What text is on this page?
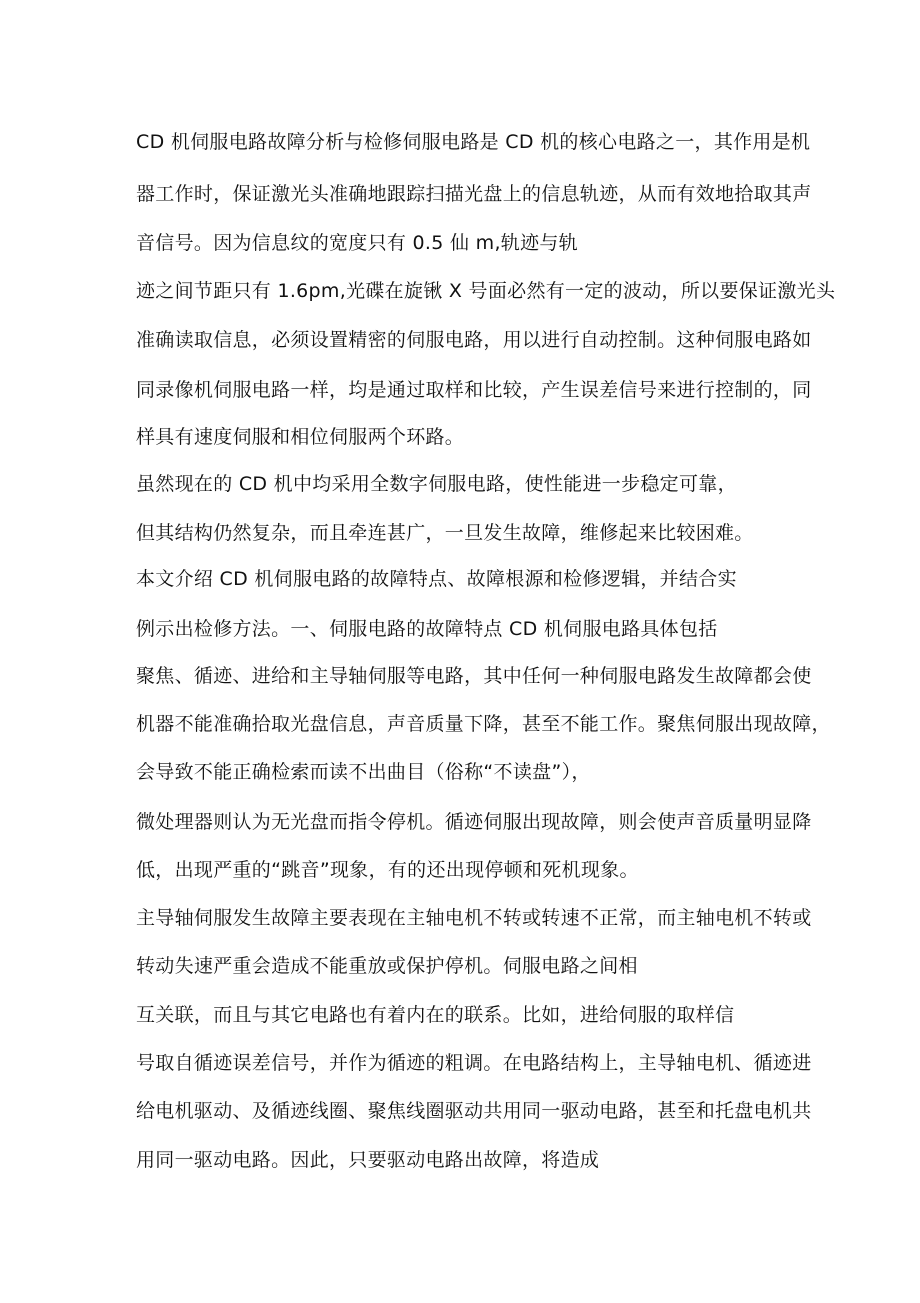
CD 机伺服电路故障分析与检修伺服电路是 CD 机的核心电路之一，其作用是机
器工作时，保证激光头准确地跟踪扫描光盘上的信息轨迹，从而有效地拾取其声
音信号。因为信息纹的宽度只有 0.5 仙 m,轨迹与轨
迹之间节距只有 1.6pm,光碟在旋锹 X 号面必然有一定的波动，所以要保证激光头
准确读取信息，必须设置精密的伺服电路，用以进行自动控制。这种伺服电路如
同录像机伺服电路一样，均是通过取样和比较，产生误差信号来进行控制的，同
样具有速度伺服和相位伺服两个环路。
虽然现在的 CD 机中均采用全数字伺服电路，使性能进一步稳定可靠，
但其结构仍然复杂，而且牵连甚广，一旦发生故障，维修起来比较困难。
本文介绍 CD 机伺服电路的故障特点、故障根源和检修逻辑，并结合实
例示出检修方法。一、伺服电路的故障特点 CD 机伺服电路具体包括
聚焦、循迹、进给和主导轴伺服等电路，其中任何一种伺服电路发生故障都会使
机器不能准确拾取光盘信息，声音质量下降，甚至不能工作。聚焦伺服出现故障，
会导致不能正确检索而读不出曲目（俗称“不读盘”），
微处理器则认为无光盘而指令停机。循迹伺服出现故障，则会使声音质量明显降
低，出现严重的“跳音”现象，有的还出现停顿和死机现象。
主导轴伺服发生故障主要表现在主轴电机不转或转速不正常，而主轴电机不转或
转动失速严重会造成不能重放或保护停机。伺服电路之间相
互关联，而且与其它电路也有着内在的联系。比如，进给伺服的取样信
号取自循迹误差信号，并作为循迹的粗调。在电路结构上，主导轴电机、循迹进
给电机驱动、及循迹线圈、聚焦线圈驱动共用同一驱动电路，甚至和托盘电机共
用同一驱动电路。因此，只要驱动电路出故障，将造成
